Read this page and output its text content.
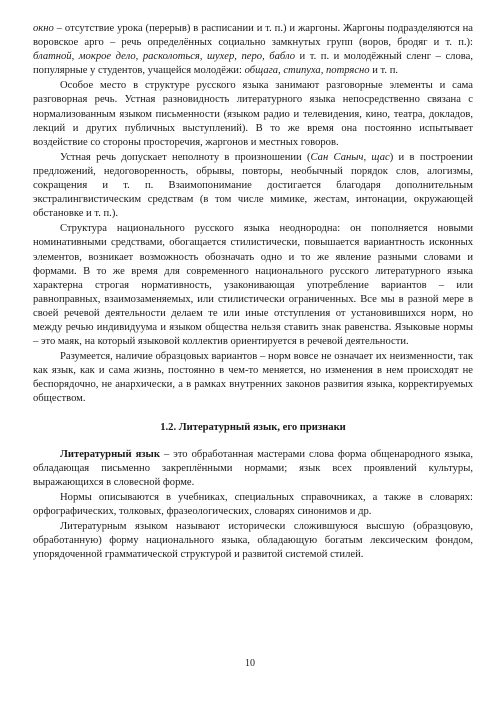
окно – отсутствие урока (перерыв) в расписании и т. п.) и жаргоны. Жаргоны подразделяются на воровское арго – речь определённых социально замкнутых групп (воров, бродяг и т. п.): блатной, мокрое дело, расколоться, шухер, перо, бабло и т. п. и молодёжный сленг – слова, популярные у студентов, учащейся молодёжи: общага, стипуха, потрясно и т. п.

Особое место в структуре русского языка занимают разговорные элементы и сама разговорная речь. Устная разновидность литературного языка непосредственно связана с нормализованным языком письменности (языком радио и телевидения, кино, театра, докладов, лекций и других публичных выступлений). В то же время она постоянно испытывает воздействие со стороны просторечия, жаргонов и местных говоров.

Устная речь допускает неполноту в произношении (Сан Саныч, щас) и в построении предложений, недоговоренность, обрывы, повторы, необычный порядок слов, алогизмы, сокращения и т. п. Взаимопонимание достигается благодаря дополнительным экстралингвистическим средствам (в том числе мимике, жестам, интонации, окружающей обстановке и т. п.).

Структура национального русского языка неоднородна: он пополняется новыми номинативными средствами, обогащается стилистически, повышается вариантность исконных элементов, возникает возможность обозначать одно и то же явление разными словами и формами. В то же время для современного национального русского литературного языка характерна строгая нормативность, узаконивающая употребление вариантов – или равноправных, взаимозаменяемых, или стилистически ограниченных. Все мы в разной мере в своей речевой деятельности делаем те или иные отступления от установившихся норм, но между речью индивидуума и языком общества нельзя ставить знак равенства. Языковые нормы – это маяк, на который языковой коллектив ориентируется в речевой деятельности.

Разумеется, наличие образцовых вариантов – норм вовсе не означает их неизменности, так как язык, как и сама жизнь, постоянно в чем-то меняется, но изменения в нем происходят не беспорядочно, не анархически, а в рамках внутренних законов развития языка, корректируемых обществом.

1.2. Литературный язык, его признаки

Литературный язык – это обработанная мастерами слова форма общенародного языка, обладающая письменно закреплёнными нормами; язык всех проявлений культуры, выражающихся в словесной форме.

Нормы описываются в учебниках, специальных справочниках, а также в словарях: орфографических, толковых, фразеологических, словарях синонимов и др.

Литературным языком называют исторически сложившуюся высшую (образцовую, обработанную) форму национального языка, обладающую богатым лексическим фондом, упорядоченной грамматической структурой и развитой системой стилей.

10
